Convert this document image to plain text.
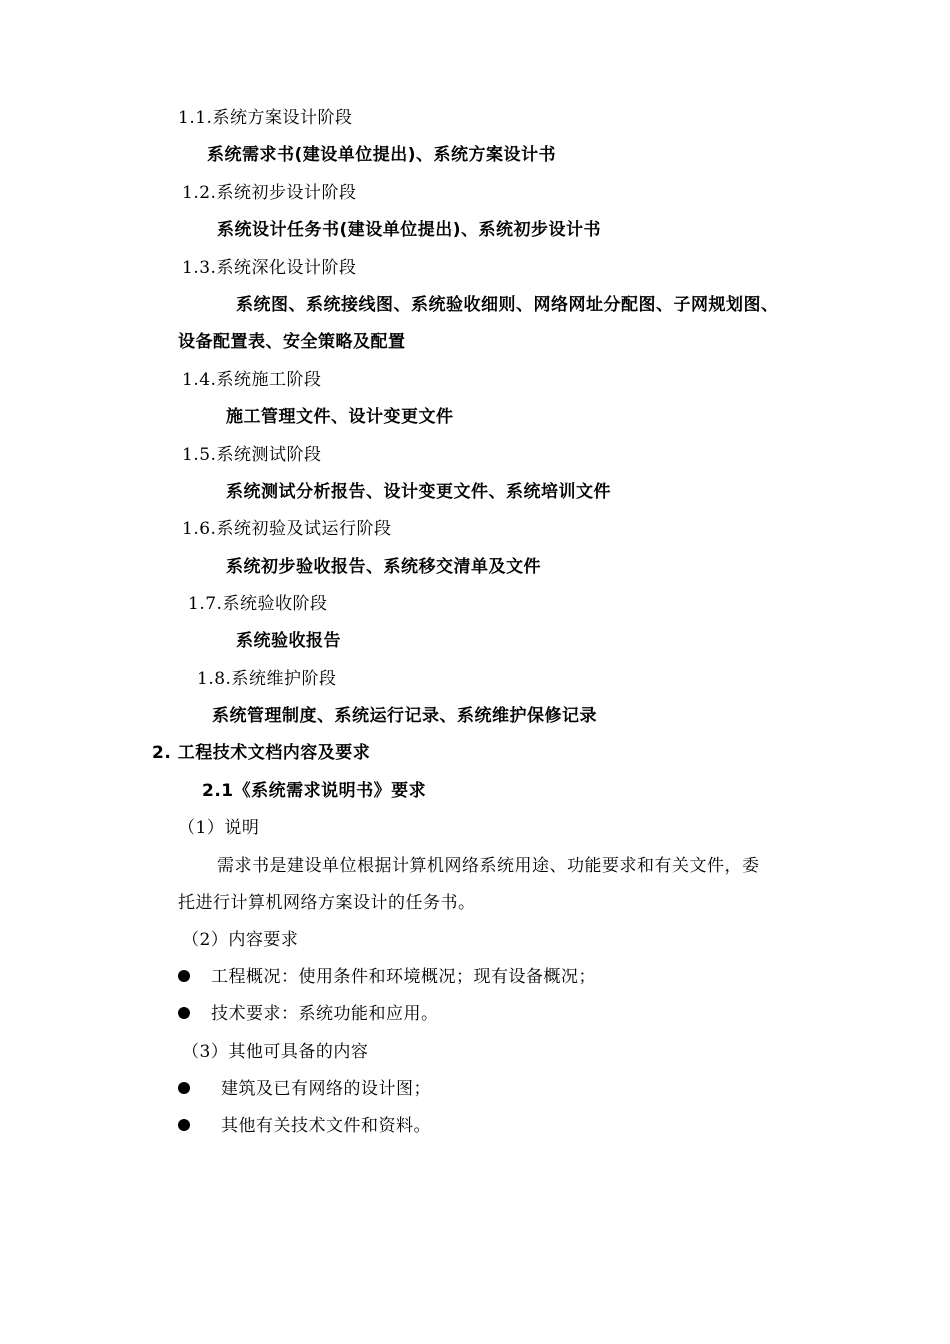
1.1.系统方案设计阶段
系统需求书(建设单位提出)、系统方案设计书
1.2.系统初步设计阶段
系统设计任务书(建设单位提出)、系统初步设计书
1.3.系统深化设计阶段
系统图、系统接线图、系统验收细则、网络网址分配图、子网规划图、
设备配置表、安全策略及配置
1.4.系统施工阶段
施工管理文件、设计变更文件
1.5.系统测试阶段
系统测试分析报告、设计变更文件、系统培训文件
1.6.系统初验及试运行阶段
系统初步验收报告、系统移交清单及文件
1.7.系统验收阶段
系统验收报告
1.8.系统维护阶段
系统管理制度、系统运行记录、系统维护保修记录
2. 工程技术文档内容及要求
2.1《系统需求说明书》要求
（1）说明
需求书是建设单位根据计算机网络系统用途、功能要求和有关文件，委
托进行计算机网络方案设计的任务书。
（2）内容要求
工程概况：使用条件和环境概况；现有设备概况；
技术要求：系统功能和应用。
（3）其他可具备的内容
建筑及已有网络的设计图；
其他有关技术文件和资料。
